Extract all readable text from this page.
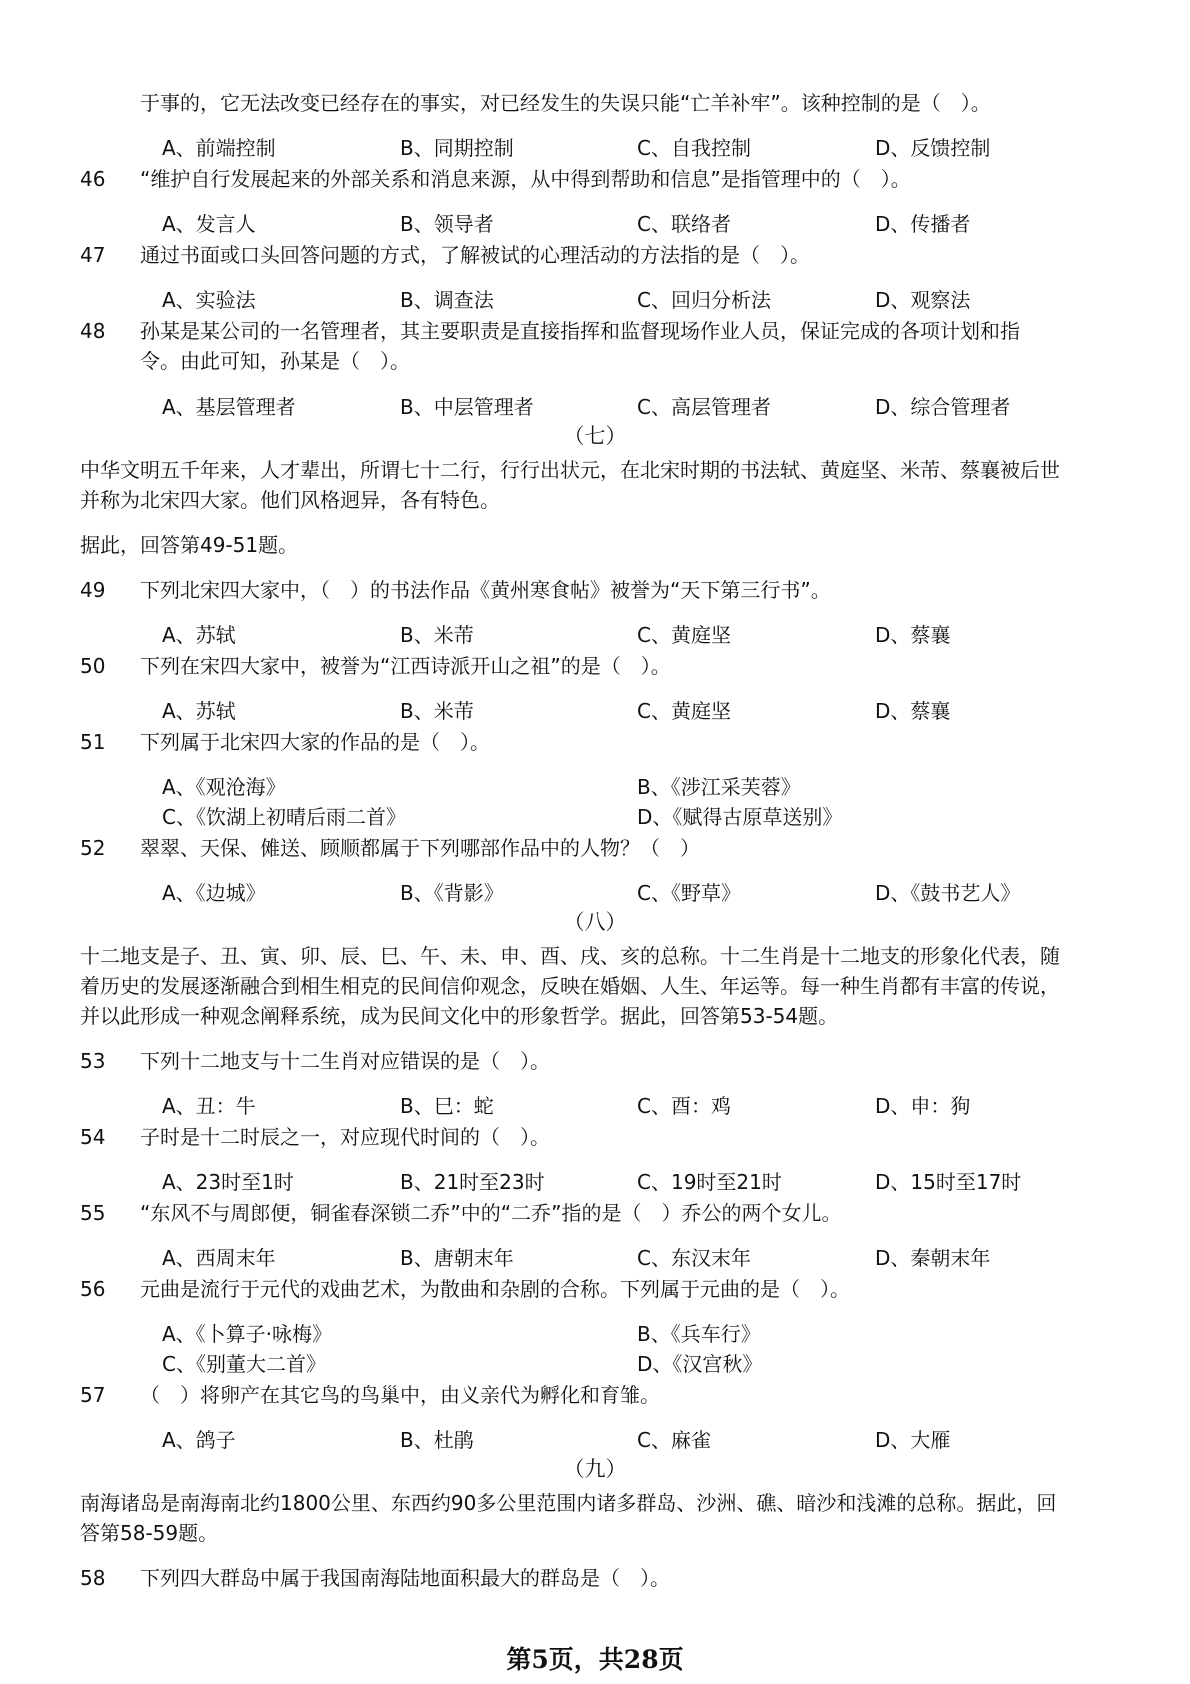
于事的，它无法改变已经存在的事实，对已经发生的失误只能“亡羊补牢”。该种控制的是（　）。
A、前端控制	B、同期控制	C、自我控制	D、反馈控制
46 “维护自行发展起来的外部关系和消息来源，从中得到帮助和信息”是指管理中的（　）。
A、发言人	B、领导者	C、联络者	D、传播者
47 通过书面或口头回答问题的方式，了解被试的心理活动的方法指的是（　）。
A、实验法	B、调查法	C、回归分析法	D、观察法
48 孙某是某公司的一名管理者，其主要职责是直接指挥和监督现场作业人员，保证完成的各项计划和指
令。由此可知，孙某是（　）。
A、基层管理者	B、中层管理者	C、高层管理者	D、综合管理者
（七）
中华文明五千年来，人才辈出，所谓七十二行，行行出状元，在北宋时期的书法轼、黄庭坚、米芾、蔡襄被后世
并称为北宋四大家。他们风格迥异，各有特色。
据此，回答第49-51题。
49 下列北宋四大家中，（　）的书法作品《黄州寒食帖》被誉为“天下第三行书”。
A、苏轼	B、米芾	C、黄庭坚	D、蔡襄
50 下列在宋四大家中，被誉为“江西诗派开山之祖”的是（　）。
A、苏轼	B、米芾	C、黄庭坚	D、蔡襄
51 下列属于北宋四大家的作品的是（　）。
A、《观沧海》	B、《涉江采芙蓉》
C、《饮湖上初晴后雨二首》	D、《赋得古原草送别》
52 翠翠、天保、傩送、顾顺都属于下列哪部作品中的人物？（　）
A、《边城》	B、《背影》	C、《野草》	D、《鼓书艺人》
（八）
十二地支是子、丑、寅、卯、辰、巳、午、未、申、酉、戌、亥的总称。十二生肖是十二地支的形象化代表，随
着历史的发展逐渐融合到相生相克的民间信仰观念，反映在婚姻、人生、年运等。每一种生肖都有丰富的传说，
并以此形成一种观念阐释系统，成为民间文化中的形象哲学。据此，回答第53-54题。
53 下列十二地支与十二生肖对应错误的是（　）。
A、丑：牛	B、巳：蛇	C、酉：鸡	D、申：狗
54 子时是十二时辰之一，对应现代时间的（　）。
A、23时至1时	B、21时至23时	C、19时至21时	D、15时至17时
55 “东风不与周郎便，铜雀春深锁二乔”中的“二乔”指的是（　）乔公的两个女儿。
A、西周末年	B、唐朝末年	C、东汉末年	D、秦朝末年
56 元曲是流行于元代的戏曲艺术，为散曲和杂剧的合称。下列属于元曲的是（　）。
A、《卜算子·咏梅》	B、《兵车行》
C、《别董大二首》	D、《汉宫秋》
57 （　）将卵产在其它鸟的鸟巢中，由义亲代为孵化和育雏。
A、鸽子	B、杜鹃	C、麻雀	D、大雁
（九）
南海诸岛是南海南北约1800公里、东西约90多公里范围内诸多群岛、沙洲、礁、暗沙和浅滩的总称。据此，回
答第58-59题。
58 下列四大群岛中属于我国南海陆地面积最大的群岛是（　）。
第5页，共28页
